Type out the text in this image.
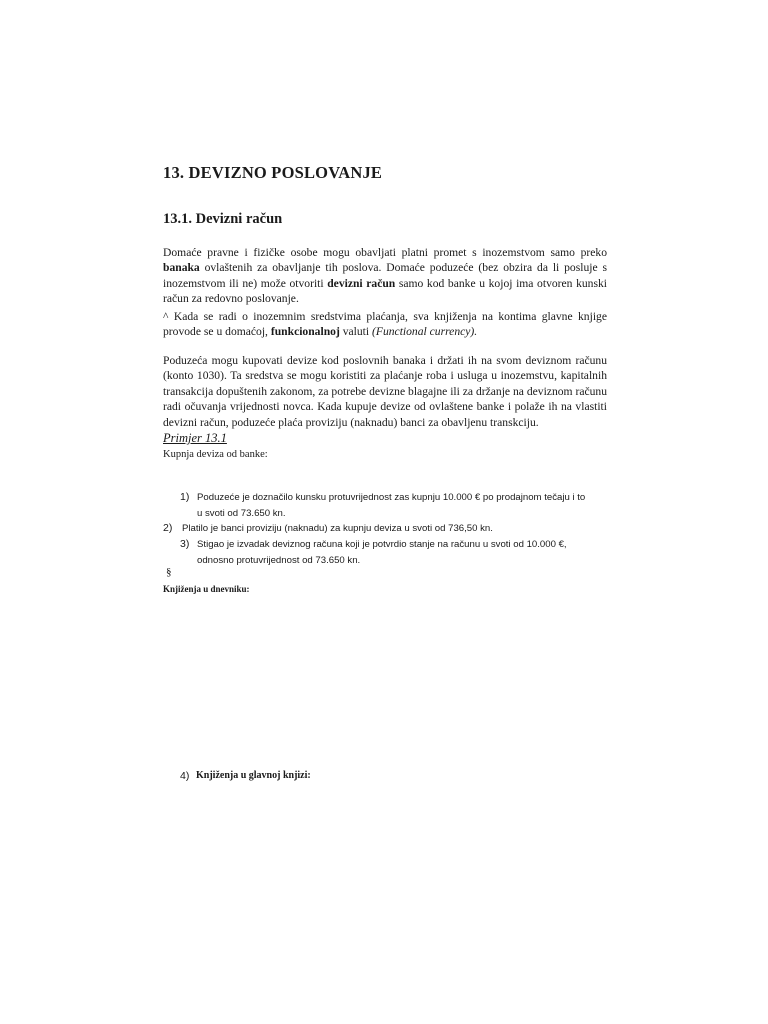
13. DEVIZNO POSLOVANJE
13.1. Devizni račun
Domaće pravne i fizičke osobe mogu obavljati platni promet s inozemstvom samo preko banaka ovlaštenih za obavljanje tih poslova. Domaće poduzeće (bez obzira da li posluje s inozemstvom ili ne) može otvoriti devizni račun samo kod banke u kojoj ima otvoren kunski račun za redovno poslovanje.
^ Kada se radi o inozemnim sredstvima plaćanja, sva knjiženja na kontima glavne knjige provode se u domaćoj, funkcionalnoj valuti (Functional currency).
Poduzeća mogu kupovati devize kod poslovnih banaka i držati ih na svom deviznom računu (konto 1030). Ta sredstva se mogu koristiti za plaćanje roba i usluga u inozemstvu, kapitalnih transakcija dopuštenih zakonom, za potrebe devizne blagajne ili za držanje na deviznom računu radi očuvanja vrijednosti novca. Kada kupuje devize od ovlaštene banke i polaže ih na vlastiti devizni račun, poduzeće plaća proviziju (naknadu) banci za obavljenu transkciju.
Primjer 13.1
Kupnja deviza od banke:
1) Poduzeće je doznačilo kunsku protuvrijednost zas kupnju 10.000 € po prodajnom tečaju i to
u svoti od 73.650 kn.
2) Platilo je banci proviziju (naknadu) za kupnju deviza u svoti od 736,50 kn.
3) Stigao je izvadak deviznog računa koji je potvrdio stanje na računu u svoti od 10.000 €,
odnosno protuvrijednost od 73.650 kn.
§
Knjiženja u dnevniku:
4) Knjiženja u glavnoj knjizi:
